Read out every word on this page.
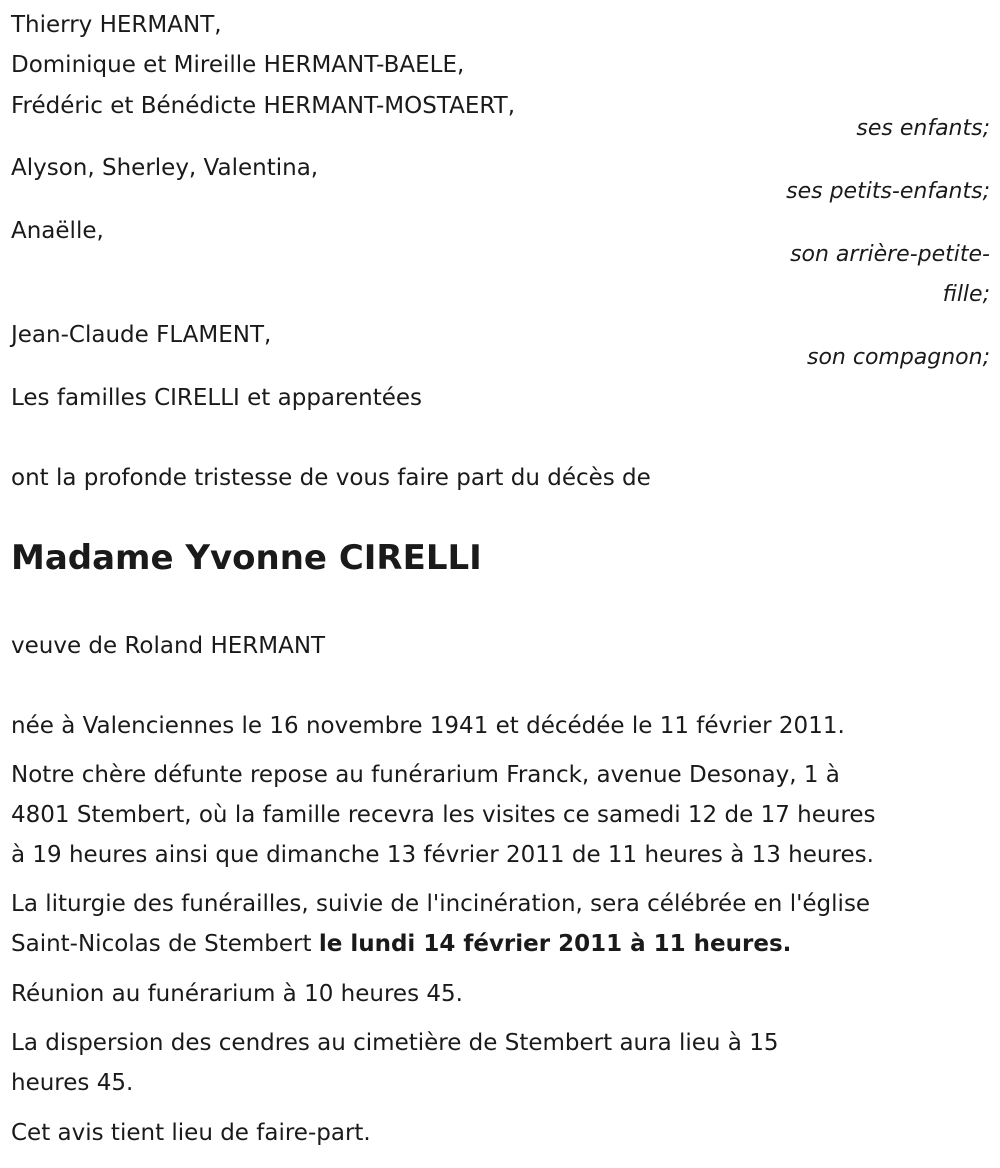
Thierry HERMANT,
Dominique et Mireille HERMANT-BAELE,
Frédéric et Bénédicte HERMANT-MOSTAERT,
ses enfants;
Alyson, Sherley, Valentina,
ses petits-enfants;
Anaëlle,
son arrière-petite-
fille;
Jean-Claude FLAMENT,
son compagnon;
Les familles CIRELLI et apparentées
ont la profonde tristesse de vous faire part du décès de
Madame Yvonne CIRELLI
veuve de Roland HERMANT
née à Valenciennes le 16 novembre 1941 et décédée le 11 février 2011.
Notre chère défunte repose au funérarium Franck, avenue Desonay, 1 à
4801 Stembert, où la famille recevra les visites ce samedi 12 de 17 heures
à 19 heures ainsi que dimanche 13 février 2011 de 11 heures à 13 heures.
La liturgie des funérailles, suivie de l'incinération, sera célébrée en l'église
Saint-Nicolas de Stembert le lundi 14 février 2011 à 11 heures.
Réunion au funérarium à 10 heures 45.
La dispersion des cendres au cimetière de Stembert aura lieu à 15
heures 45.
Cet avis tient lieu de faire-part.
